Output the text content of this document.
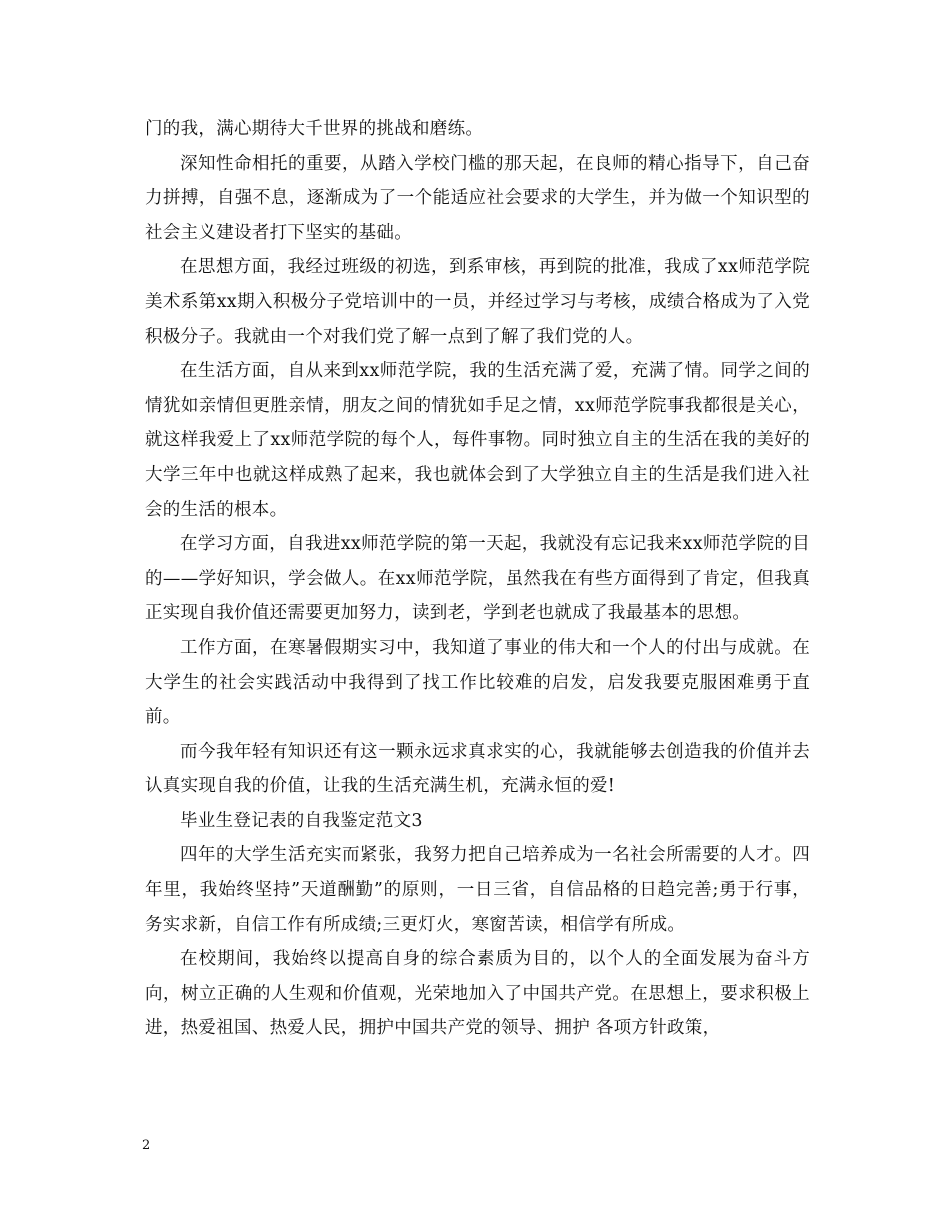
门的我，满心期待大千世界的挑战和磨练。

深知性命相托的重要，从踏入学校门槛的那天起，在良师的精心指导下，自己奋力拼搏，自强不息，逐渐成为了一个能适应社会要求的大学生，并为做一个知识型的社会主义建设者打下坚实的基础。

在思想方面，我经过班级的初选，到系审核，再到院的批准，我成了xx师范学院美术系第xx期入积极分子党培训中的一员，并经过学习与考核，成绩合格成为了入党积极分子。我就由一个对我们党了解一点到了解了我们党的人。

在生活方面，自从来到xx师范学院，我的生活充满了爱，充满了情。同学之间的情犹如亲情但更胜亲情，朋友之间的情犹如手足之情，xx师范学院事我都很是关心，就这样我爱上了xx师范学院的每个人，每件事物。同时独立自主的生活在我的美好的大学三年中也就这样成熟了起来，我也就体会到了大学独立自主的生活是我们进入社会的生活的根本。

在学习方面，自我进xx师范学院的第一天起，我就没有忘记我来xx师范学院的目的——学好知识，学会做人。在xx师范学院，虽然我在有些方面得到了肯定，但我真正实现自我价值还需要更加努力，读到老，学到老也就成了我最基本的思想。

工作方面，在寒暑假期实习中，我知道了事业的伟大和一个人的付出与成就。在大学生的社会实践活动中我得到了找工作比较难的启发，启发我要克服困难勇于直前。

而今我年轻有知识还有这一颗永远求真求实的心，我就能够去创造我的价值并去认真实现自我的价值，让我的生活充满生机，充满永恒的爱!

毕业生登记表的自我鉴定范文3

四年的大学生活充实而紧张，我努力把自己培养成为一名社会所需要的人才。四年里，我始终坚持”天道酬勤”的原则，一日三省，自信品格的日趋完善;勇于行事，务实求新，自信工作有所成绩;三更灯火，寒窗苦读，相信学有所成。

在校期间，我始终以提高自身的综合素质为目的，以个人的全面发展为奋斗方向，树立正确的人生观和价值观，光荣地加入了中国共产党。在思想上，要求积极上进，热爱祖国、热爱人民，拥护中国共产党的领导、拥护 各项方针政策，

2
